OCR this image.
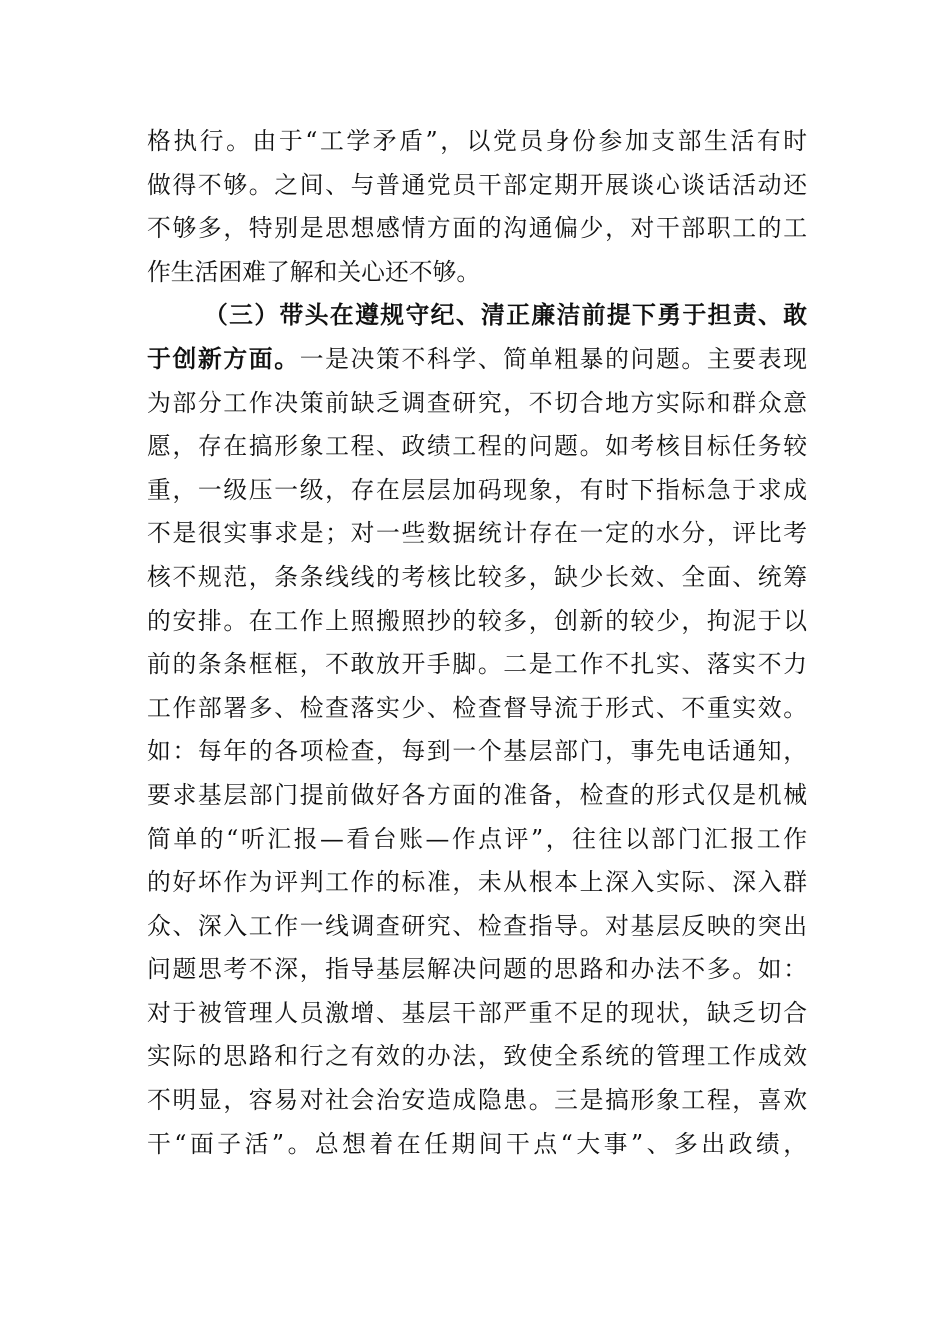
格执行。由于“工学矛盾”，以党员身份参加支部生活有时
做得不够。之间、与普通党员干部定期开展谈心谈话活动还
不够多，特别是思想感情方面的沟通偏少，对干部职工的工
作生活困难了解和关心还不够。
（三）带头在遵规守纪、清正廉洁前提下勇于担责、敢
于创新方面。一是决策不科学、简单粗暴的问题。主要表现
为部分工作决策前缺乏调查研究，不切合地方实际和群众意
愿，存在搞形象工程、政绩工程的问题。如考核目标任务较
重，一级压一级，存在层层加码现象，有时下指标急于求成
不是很实事求是；对一些数据统计存在一定的水分，评比考
核不规范，条条线线的考核比较多，缺少长效、全面、统筹
的安排。在工作上照搬照抄的较多，创新的较少，拘泥于以
前的条条框框，不敢放开手脚。二是工作不扎实、落实不力
工作部署多、检查落实少、检查督导流于形式、不重实效。
如：每年的各项检查，每到一个基层部门，事先电话通知，
要求基层部门提前做好各方面的准备，检查的形式仅是机械
简单的“听汇报—看台账—作点评”，往往以部门汇报工作
的好坏作为评判工作的标准，未从根本上深入实际、深入群
众、深入工作一线调查研究、检查指导。对基层反映的突出
问题思考不深，指导基层解决问题的思路和办法不多。如：
对于被管理人员激增、基层干部严重不足的现状，缺乏切合
实际的思路和行之有效的办法，致使全系统的管理工作成效
不明显，容易对社会治安造成隐患。三是搞形象工程，喜欢
干“面子活”。总想着在任期间干点“大事”、多出政绩，
